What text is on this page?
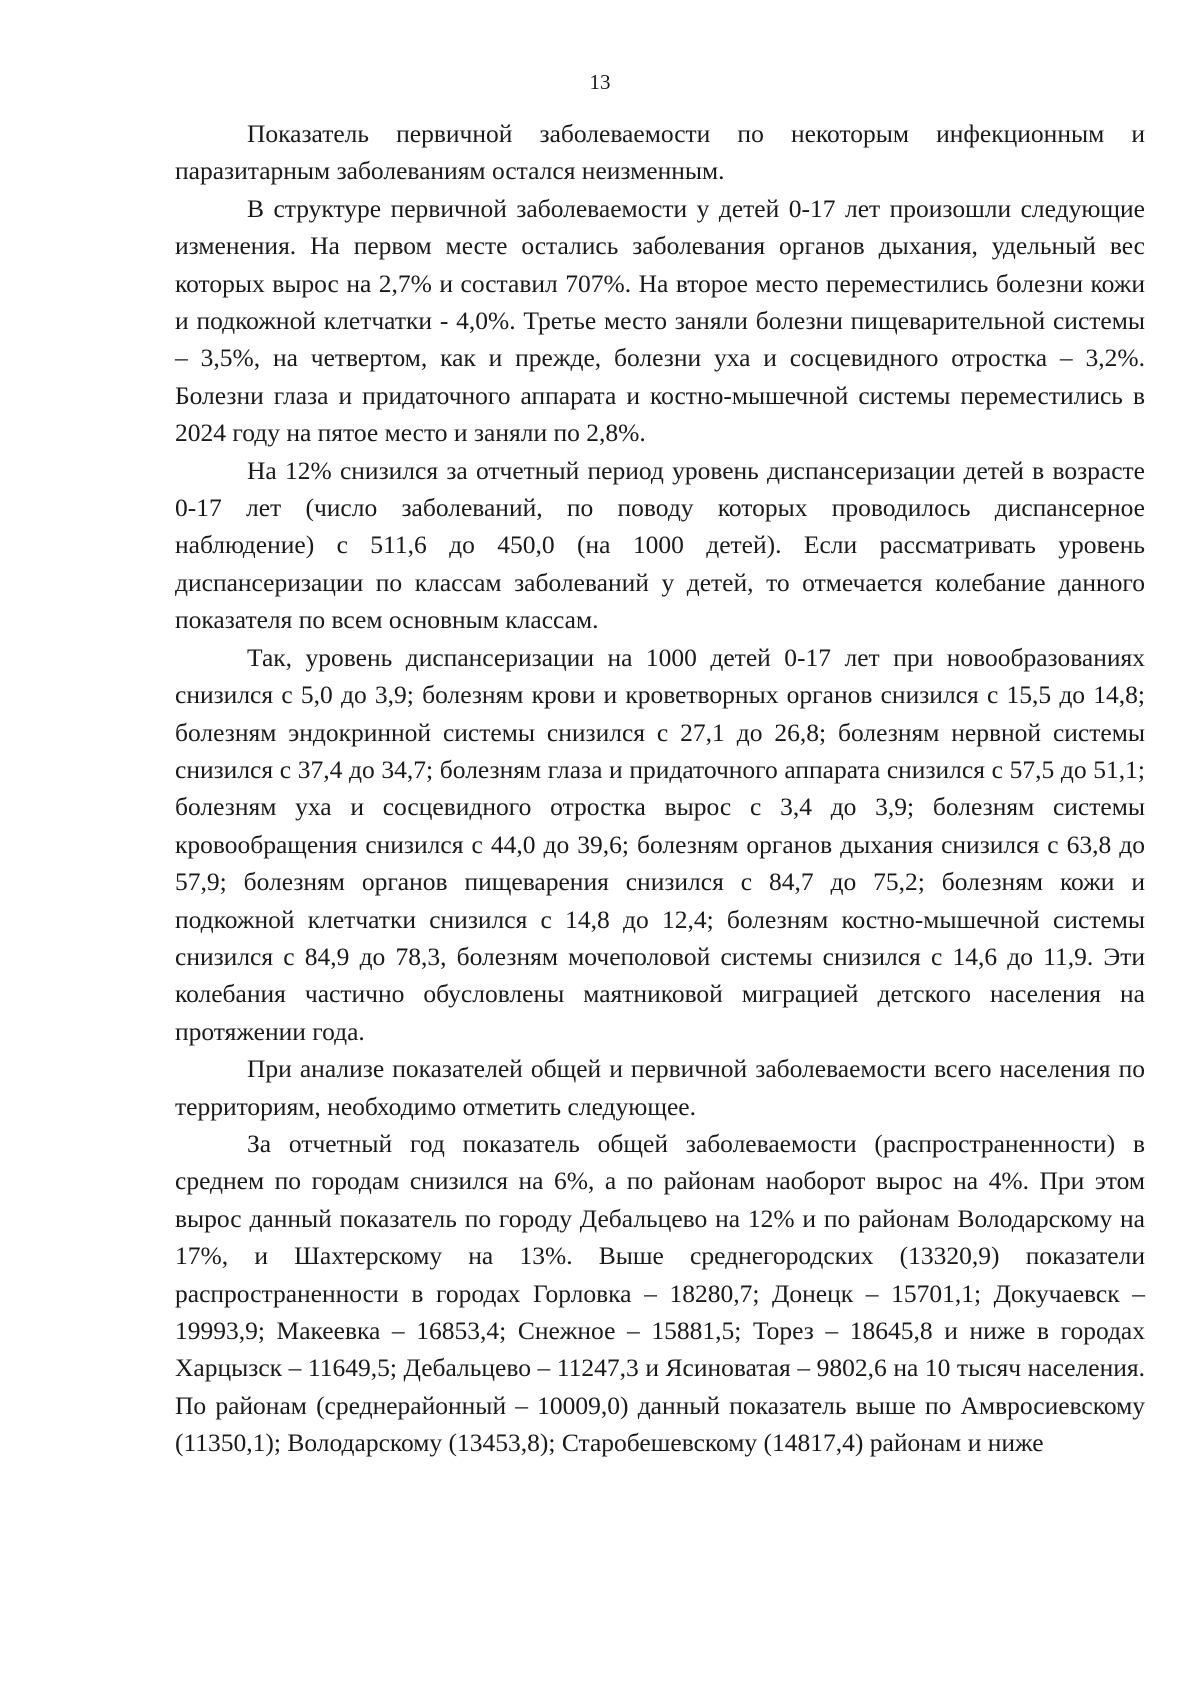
13

Показатель первичной заболеваемости по некоторым инфекционным и паразитарным заболеваниям остался неизменным.

В структуре первичной заболеваемости у детей 0-17 лет произошли следующие изменения. На первом месте остались заболевания органов дыхания, удельный вес которых вырос на 2,7% и составил 707%. На второе место переместились болезни кожи и подкожной клетчатки - 4,0%. Третье место заняли болезни пищеварительной системы – 3,5%, на четвертом, как и прежде, болезни уха и сосцевидного отростка – 3,2%. Болезни глаза и придаточного аппарата и костно-мышечной системы переместились в 2024 году на пятое место и заняли по 2,8%.

На 12% снизился за отчетный период уровень диспансеризации детей в возрасте 0-17 лет (число заболеваний, по поводу которых проводилось диспансерное наблюдение) с 511,6 до 450,0 (на 1000 детей). Если рассматривать уровень диспансеризации по классам заболеваний у детей, то отмечается колебание данного показателя по всем основным классам.

Так, уровень диспансеризации на 1000 детей 0-17 лет при новообразованиях снизился с 5,0 до 3,9; болезням крови и кроветворных органов снизился с 15,5 до 14,8; болезням эндокринной системы снизился с 27,1 до 26,8; болезням нервной системы снизился с 37,4 до 34,7; болезням глаза и придаточного аппарата снизился с 57,5 до 51,1; болезням уха и сосцевидного отростка вырос с 3,4 до 3,9; болезням системы кровообращения снизился с 44,0 до 39,6; болезням органов дыхания снизился с 63,8 до 57,9; болезням органов пищеварения снизился с 84,7 до 75,2; болезням кожи и подкожной клетчатки снизился с 14,8 до 12,4; болезням костно-мышечной системы снизился с 84,9 до 78,3, болезням мочеполовой системы снизился с 14,6 до 11,9. Эти колебания частично обусловлены маятниковой миграцией детского населения на протяжении года.

При анализе показателей общей и первичной заболеваемости всего населения по территориям, необходимо отметить следующее.

За отчетный год показатель общей заболеваемости (распространенности) в среднем по городам снизился на 6%, а по районам наоборот вырос на 4%. При этом вырос данный показатель по городу Дебальцево на 12% и по районам Володарскому на 17%, и Шахтерскому на 13%. Выше среднегородских (13320,9) показатели распространенности в городах Горловка – 18280,7; Донецк – 15701,1; Докучаевск – 19993,9; Макеевка – 16853,4; Снежное – 15881,5; Торез – 18645,8 и ниже в городах Харцызск – 11649,5; Дебальцево – 11247,3 и Ясиноватая – 9802,6 на 10 тысяч населения. По районам (среднерайонный – 10009,0) данный показатель выше по Амвросиевскому (11350,1); Володарскому (13453,8); Старобешевскому (14817,4) районам и ниже
